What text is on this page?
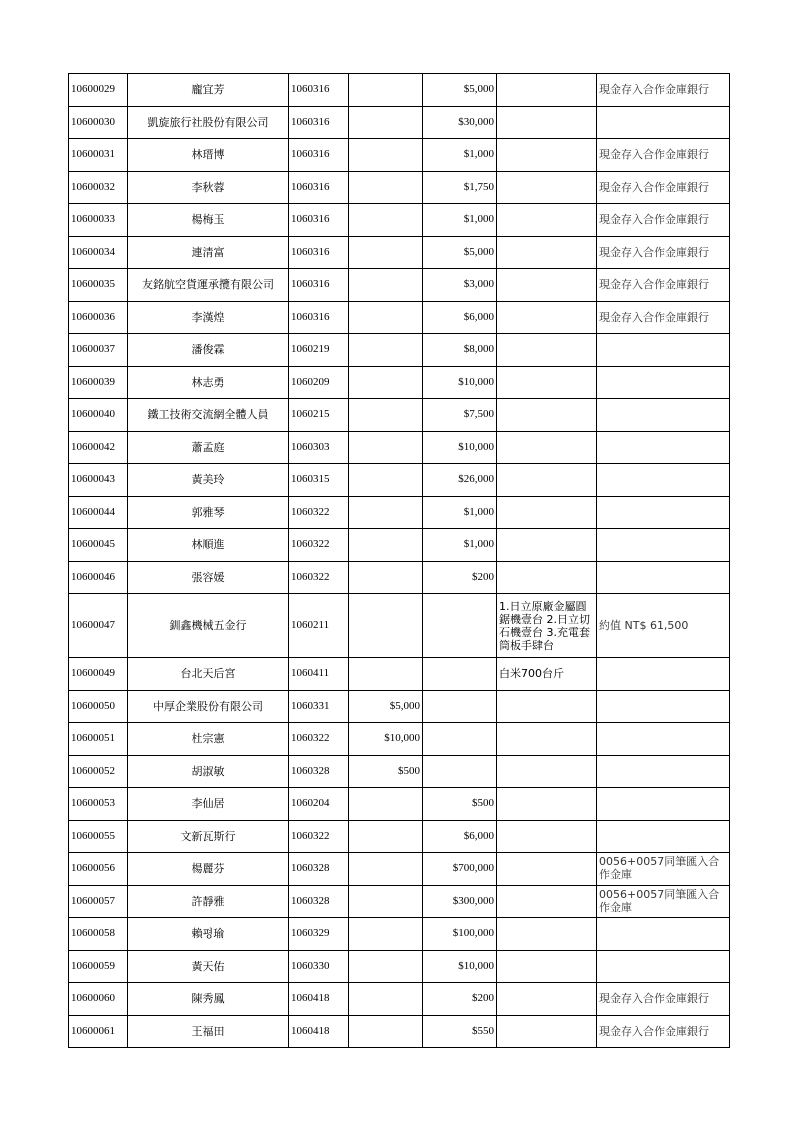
10600029	龐宜芳	1060316		$5,000		現金存入合作金庫銀行
10600030	凱旋旅行社股份有限公司	1060316		$30,000		
10600031	林瑨博	1060316		$1,000		現金存入合作金庫銀行
10600032	李秋蓉	1060316		$1,750		現金存入合作金庫銀行
10600033	楊梅玉	1060316		$1,000		現金存入合作金庫銀行
10600034	連清富	1060316		$5,000		現金存入合作金庫銀行
10600035	友銘航空貨運承攬有限公司	1060316		$3,000		現金存入合作金庫銀行
10600036	李漢煌	1060316		$6,000		現金存入合作金庫銀行
10600037	潘俊霖	1060219		$8,000		
10600039	林志勇	1060209		$10,000		
10600040	鐵工技術交流網全體人員	1060215		$7,500		
10600042	蕭孟庭	1060303		$10,000		
10600043	黃美玲	1060315		$26,000		
10600044	郭雅琴	1060322		$1,000		
10600045	林順進	1060322		$1,000		
10600046	張容媛	1060322		$200		
10600047	釧鑫機械五金行	1060211			1.日立原廠金屬圓鋸機壹台 2.日立切石機壹台 3.充電套筒板手肆台	約值 NT$ 61,500
10600049	台北天后宮	1060411			白米700台斤	
10600050	中厚企業股份有限公司	1060331	$5,000			
10600051	杜宗憲	1060322	$10,000			
10600052	胡淑敏	1060328	$500			
10600053	李仙居	1060204		$500		
10600055	文新瓦斯行	1060322		$6,000		
10600056	楊麗芬	1060328		$700,000		0056+0057同筆匯入合作金庫
10600057	許靜雅	1060328		$300,000		0056+0057同筆匯入合作金庫
10600058	賴평瑜	1060329		$100,000		
10600059	黃天佑	1060330		$10,000		
10600060	陳秀鳳	1060418		$200		現金存入合作金庫銀行
10600061	王福田	1060418		$550		現金存入合作金庫銀行
